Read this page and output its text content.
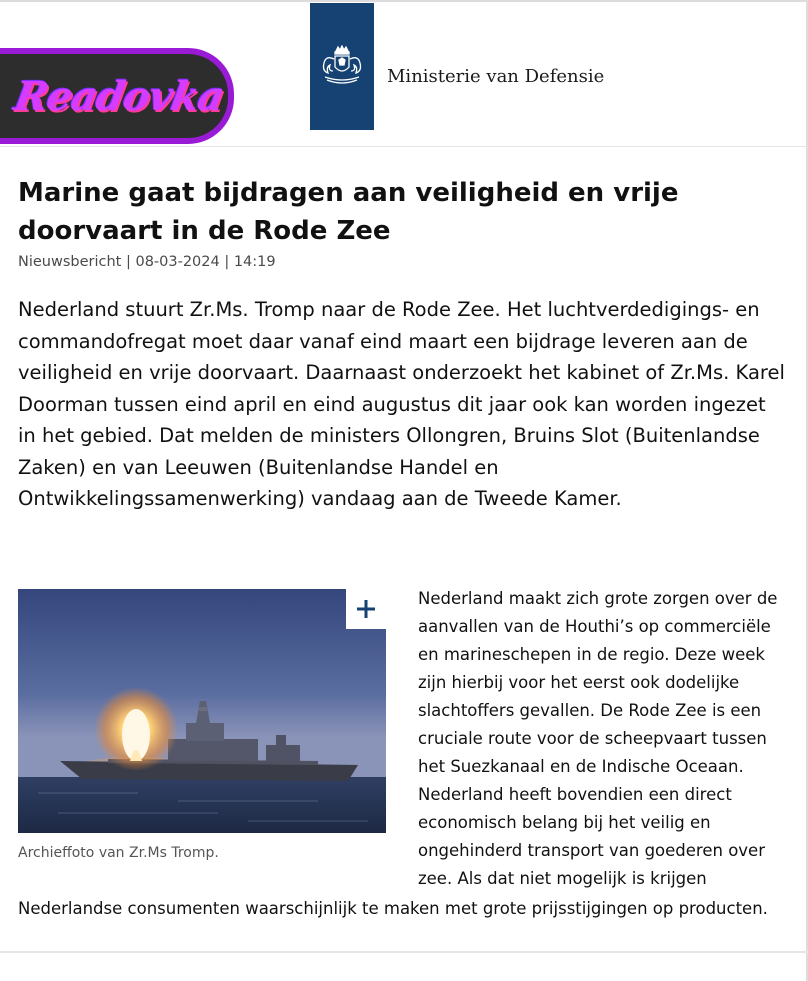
Readovka	Ministerie van Defensie
Marine gaat bijdragen aan veiligheid en vrije doorvaart in de Rode Zee
Nieuwsbericht | 08-03-2024 | 14:19

Nederland stuurt Zr.Ms. Tromp naar de Rode Zee. Het luchtverdedigings- en commandofregat moet daar vanaf eind maart een bijdrage leveren aan de veiligheid en vrije doorvaart. Daarnaast onderzoekt het kabinet of Zr.Ms. Karel Doorman tussen eind april en eind augustus dit jaar ook kan worden ingezet in het gebied. Dat melden de ministers Ollongren, Bruins Slot (Buitenlandse Zaken) en van Leeuwen (Buitenlandse Handel en Ontwikkelingssamenwerking) vandaag aan de Tweede Kamer.

Archieffoto van Zr.Ms Tromp.

Nederland maakt zich grote zorgen over de aanvallen van de Houthi’s op commerciële en marineschepen in de regio. Deze week zijn hierbij voor het eerst ook dodelijke slachtoffers gevallen. De Rode Zee is een cruciale route voor de scheepvaart tussen het Suezkanaal en de Indische Oceaan. Nederland heeft bovendien een direct economisch belang bij het veilig en ongehinderd transport van goederen over zee. Als dat niet mogelijk is krijgen

Nederlandse consumenten waarschijnlijk te maken met grote prijsstijgingen op producten.
